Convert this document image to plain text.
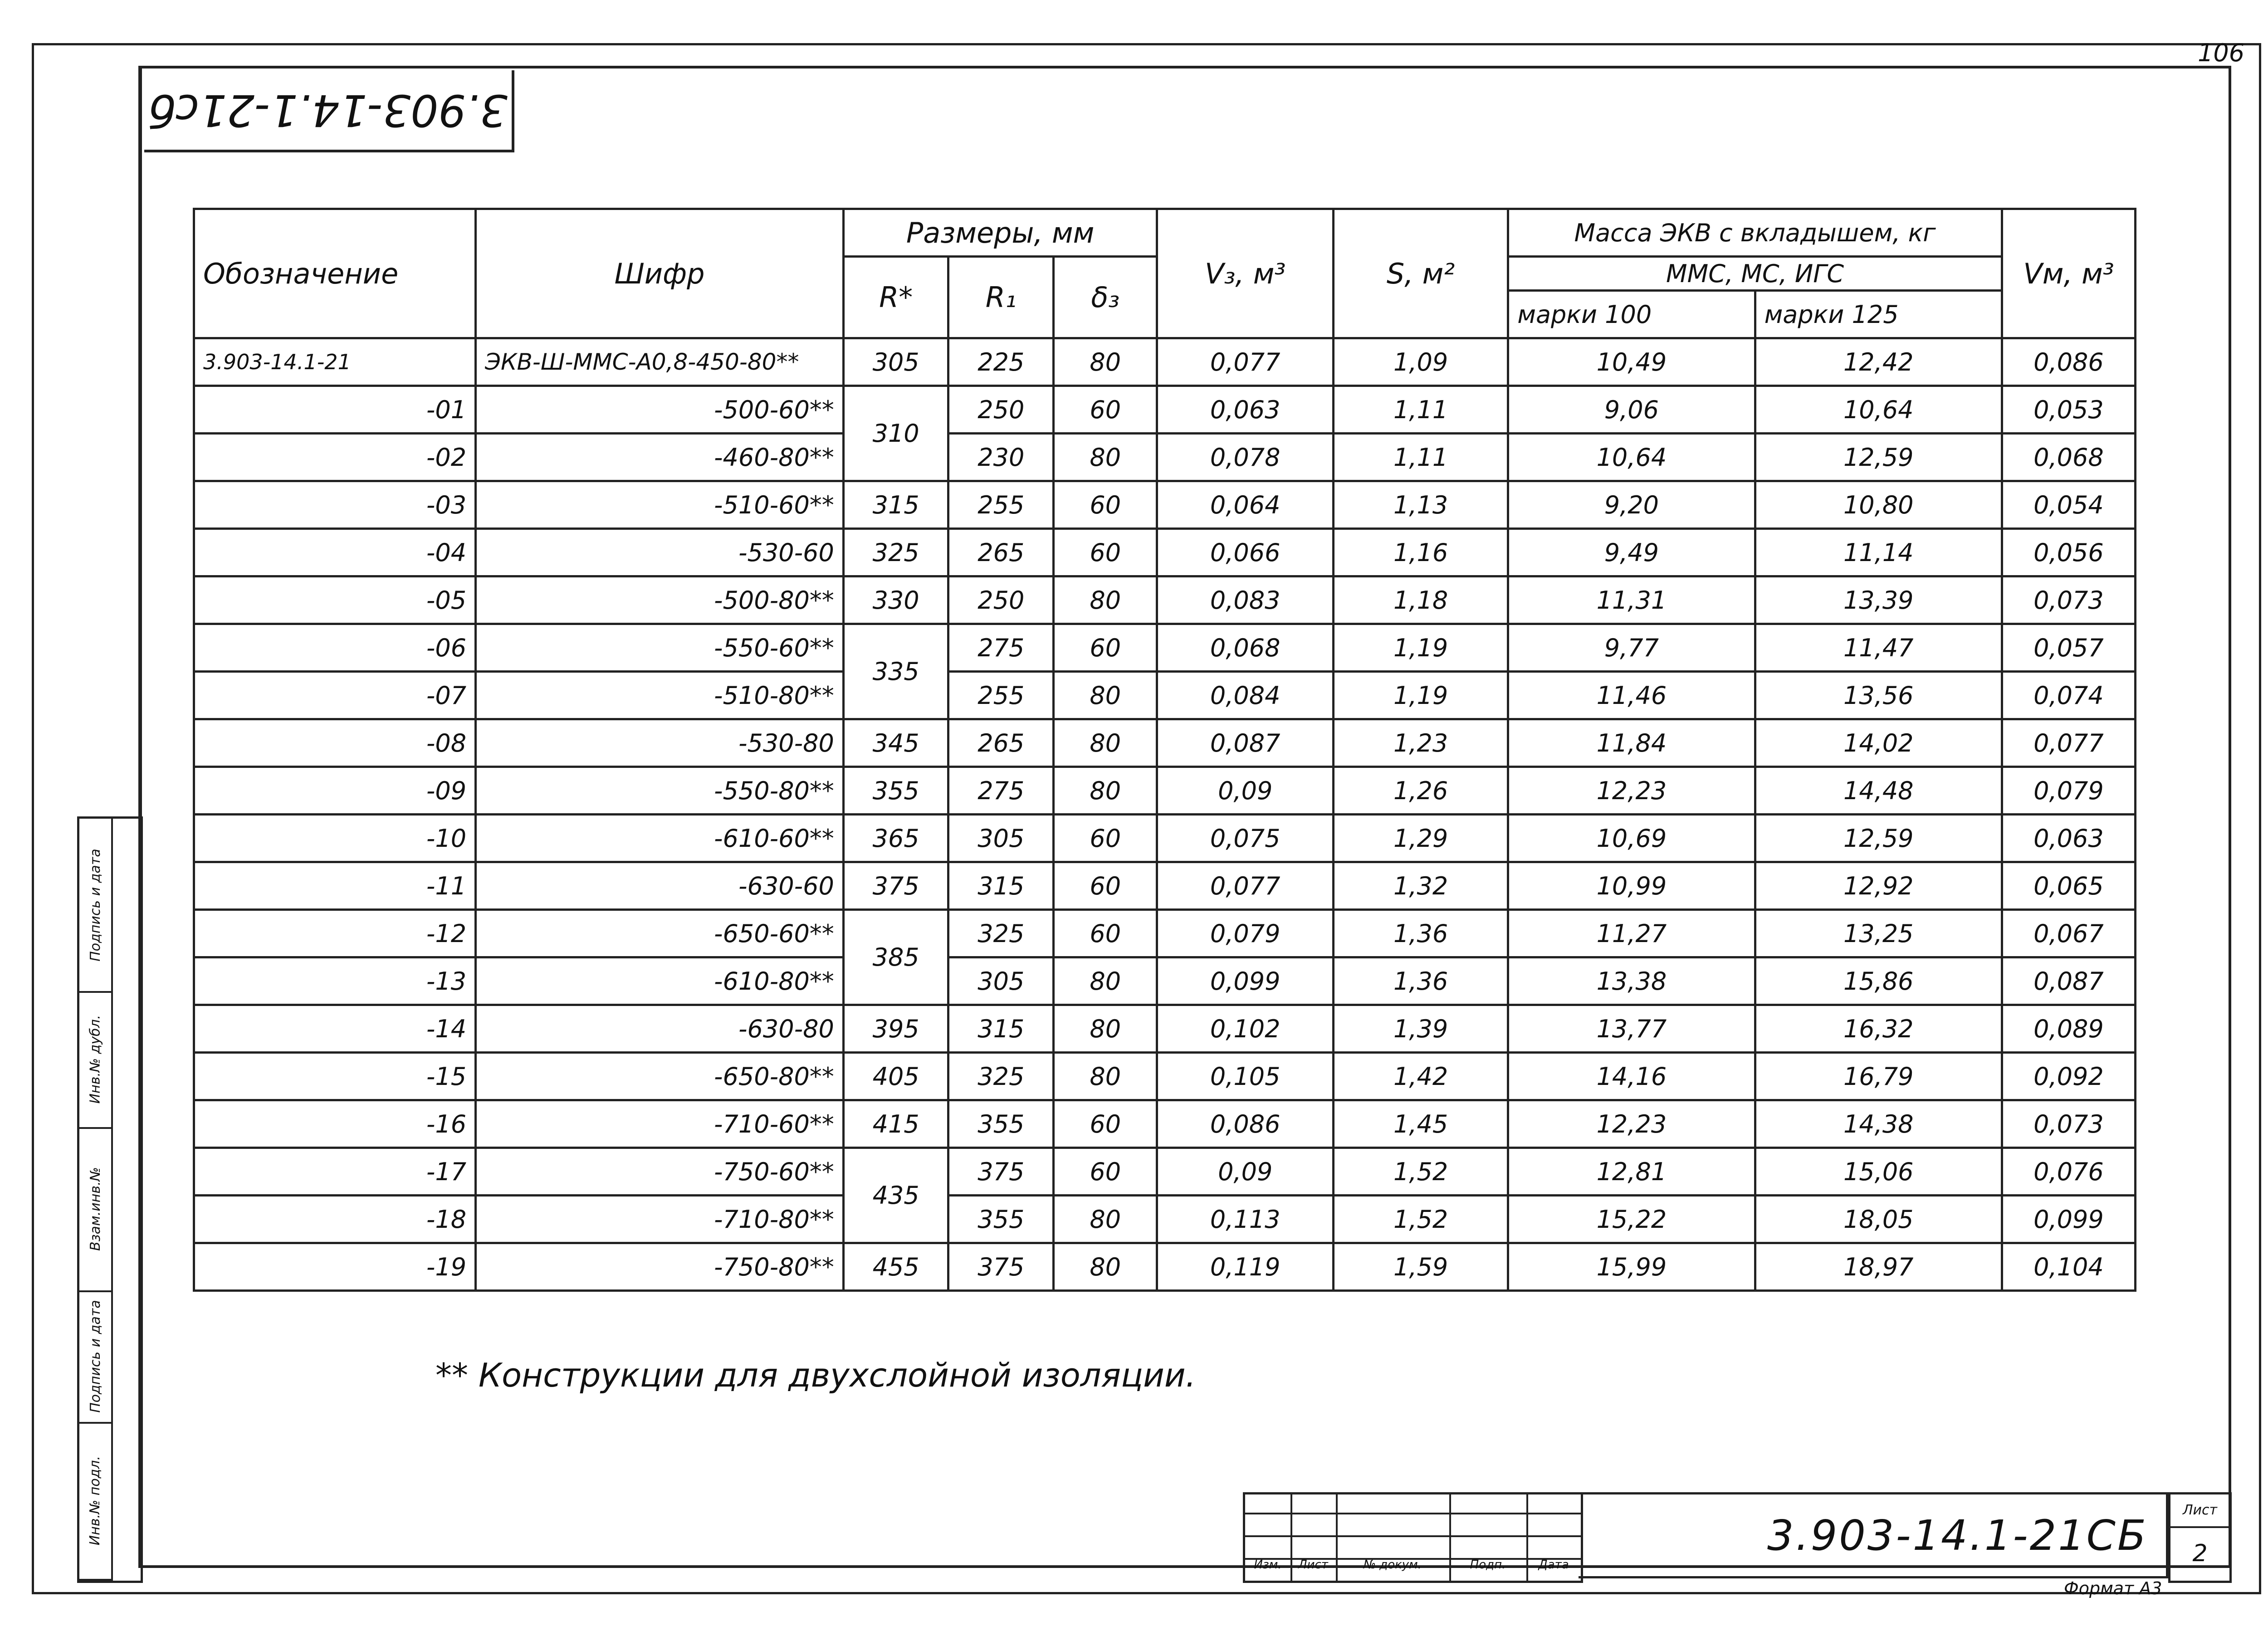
106
3.903-14.1-21сб
Инв.№ подл.
Подпись и дата
Взам.инв.№
Инв.№ дубл.
Подпись и дата
Обозначение	Шифр	Размеры, мм			V₃, м³	S, м²	Масса ЭКВ с вкладышем, кг		Vм, м³
		R*	R₁	δ₃			ММС, МС, ИГС		
							марки 100	марки 125	
3.903-14.1-21	ЭКВ-Ш-ММС-А0,8-450-80**	305	225	80	0,077	1,09	10,49	12,42	0,086
-01	-500-60**	310	250	60	0,063	1,11	9,06	10,64	0,053
-02	-460-80**		230	80	0,078	1,11	10,64	12,59	0,068
-03	-510-60**	315	255	60	0,064	1,13	9,20	10,80	0,054
-04	-530-60	325	265	60	0,066	1,16	9,49	11,14	0,056
-05	-500-80**	330	250	80	0,083	1,18	11,31	13,39	0,073
-06	-550-60**	335	275	60	0,068	1,19	9,77	11,47	0,057
-07	-510-80**		255	80	0,084	1,19	11,46	13,56	0,074
-08	-530-80	345	265	80	0,087	1,23	11,84	14,02	0,077
-09	-550-80**	355	275	80	0,09	1,26	12,23	14,48	0,079
-10	-610-60**	365	305	60	0,075	1,29	10,69	12,59	0,063
-11	-630-60	375	315	60	0,077	1,32	10,99	12,92	0,065
-12	-650-60**	385	325	60	0,079	1,36	11,27	13,25	0,067
-13	-610-80**		305	80	0,099	1,36	13,38	15,86	0,087
-14	-630-80	395	315	80	0,102	1,39	13,77	16,32	0,089
-15	-650-80**	405	325	80	0,105	1,42	14,16	16,79	0,092
-16	-710-60**	415	355	60	0,086	1,45	12,23	14,38	0,073
-17	-750-60**	435	375	60	0,09	1,52	12,81	15,06	0,076
-18	-710-80**		355	80	0,113	1,52	15,22	18,05	0,099
-19	-750-80**	455	375	80	0,119	1,59	15,99	18,97	0,104
** Конструкции для двухслойной изоляции.
Изм.	Лист	№ докум.	Подп.	Дата
3.903-14.1-21СБ
Лист
2
Формат A3
